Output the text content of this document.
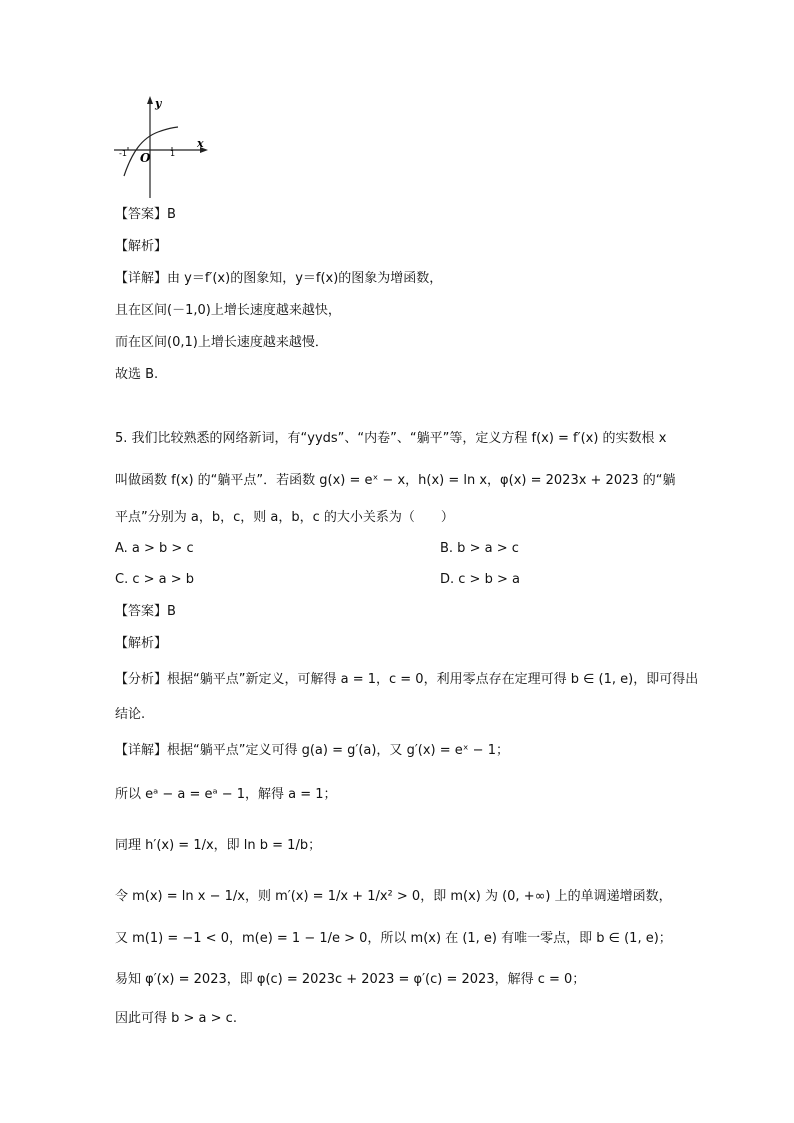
y
x
O
-1	1
【答案】B
【解析】
【详解】由 y＝f′(x)的图象知，y＝f(x)的图象为增函数，
且在区间(－1,0)上增长速度越来越快，
而在区间(0,1)上增长速度越来越慢．
故选 B.
5. 我们比较熟悉的网络新词，有“yyds”、“内卷”、“躺平”等，定义方程 f(x) = f′(x) 的实数根 x
叫做函数 f(x) 的“躺平点”．若函数 g(x) = eˣ − x，h(x) = ln x，φ(x) = 2023x + 2023 的“躺
平点”分别为 a，b，c，则 a，b，c 的大小关系为（　　）
A. a > b > c	B. b > a > c
C. c > a > b	D. c > b > a
【答案】B
【解析】
【分析】根据“躺平点”新定义，可解得 a = 1，c = 0，利用零点存在定理可得 b ∈ (1, e)，即可得出
结论.
【详解】根据“躺平点”定义可得 g(a) = g′(a)，又 g′(x) = eˣ − 1；
所以 eᵃ − a = eᵃ − 1，解得 a = 1；
同理 h′(x) = 1/x，即 ln b = 1/b；
令 m(x) = ln x − 1/x，则 m′(x) = 1/x + 1/x² > 0，即 m(x) 为 (0, +∞) 上的单调递增函数，
又 m(1) = −1 < 0，m(e) = 1 − 1/e > 0，所以 m(x) 在 (1, e) 有唯一零点，即 b ∈ (1, e)；
易知 φ′(x) = 2023，即 φ(c) = 2023c + 2023 = φ′(c) = 2023，解得 c = 0；
因此可得 b > a > c.
